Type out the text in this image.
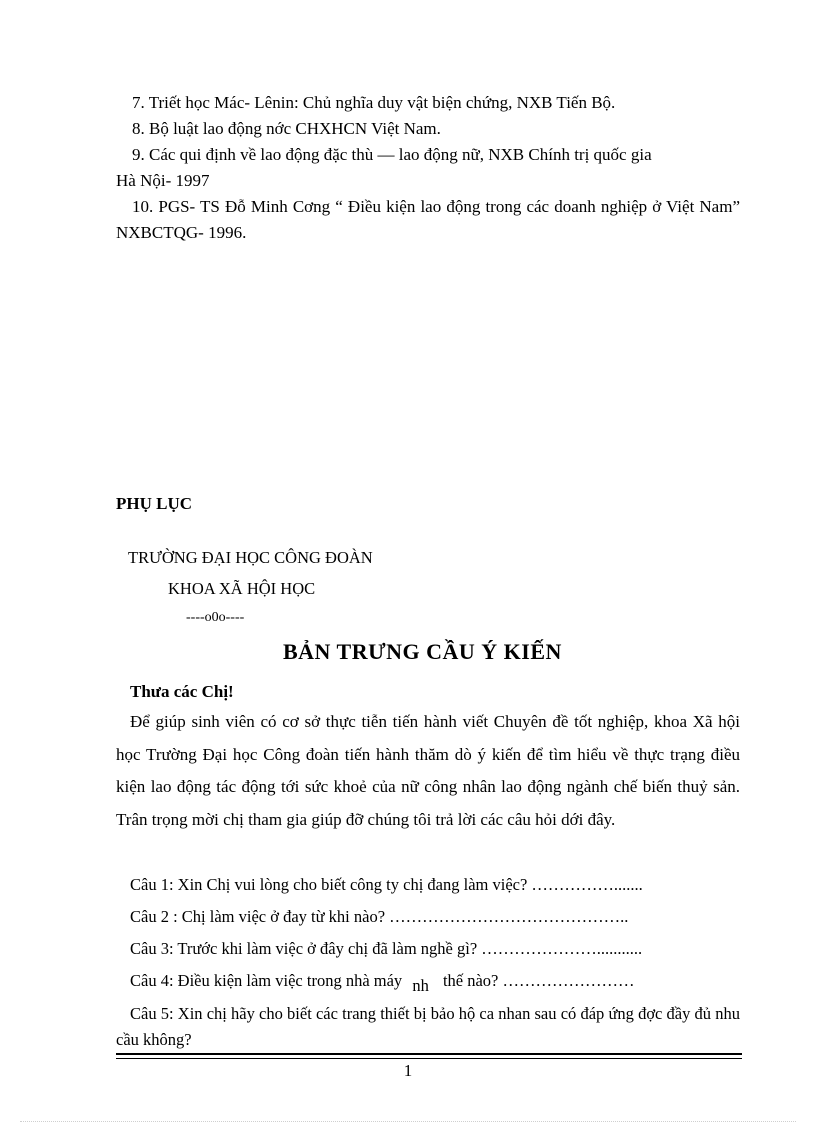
7. Triết học Mác- Lênin: Chủ nghĩa duy vật biện chứng, NXB Tiến Bộ.
8. Bộ luật lao động nớc CHXHCN Việt Nam.
9. Các qui định về lao động đặc thù — lao động nữ, NXB Chính trị quốc gia
Hà Nội- 1997
10. PGS- TS Đỗ Minh Cơng “ Điều kiện lao động trong các doanh nghiệp ở Việt Nam” NXBCTQG- 1996.
PHỤ LỤC
TRƯỜNG ĐẠI HỌC CÔNG ĐOÀN
KHOA XÃ HỘI HỌC
----o0o----
BẢN TRƯNG CẦU Ý KIẾN
Thưa các Chị!
Để giúp sinh viên có cơ sở thực tiễn tiến hành viết Chuyên đề tốt nghiệp, khoa Xã hội học Trường Đại học Công đoàn tiến hành thăm dò ý kiến để tìm hiểu về thực trạng điều kiện lao động tác động tới sức khoẻ của nữ công nhân lao động ngành chế biến thuỷ sản. Trân trọng mời chị tham gia giúp đỡ chúng tôi trả lời các câu hỏi dới đây.
Câu 1: Xin Chị vui lòng cho biết công ty chị đang làm việc? …………….......
Câu 2 : Chị làm việc ở đay từ khi nào? ……………………………………..
Câu 3: Trước khi làm việc ở đây chị đã làm nghề gì? …………………...........
Câu 4: Điều kiện làm việc trong nhà máy nh thế nào? ……………………
Câu 5: Xin chị hãy cho biết các trang thiết bị bảo hộ ca nhan sau có đáp ứng đợc đầy đủ nhu cầu không?
1
